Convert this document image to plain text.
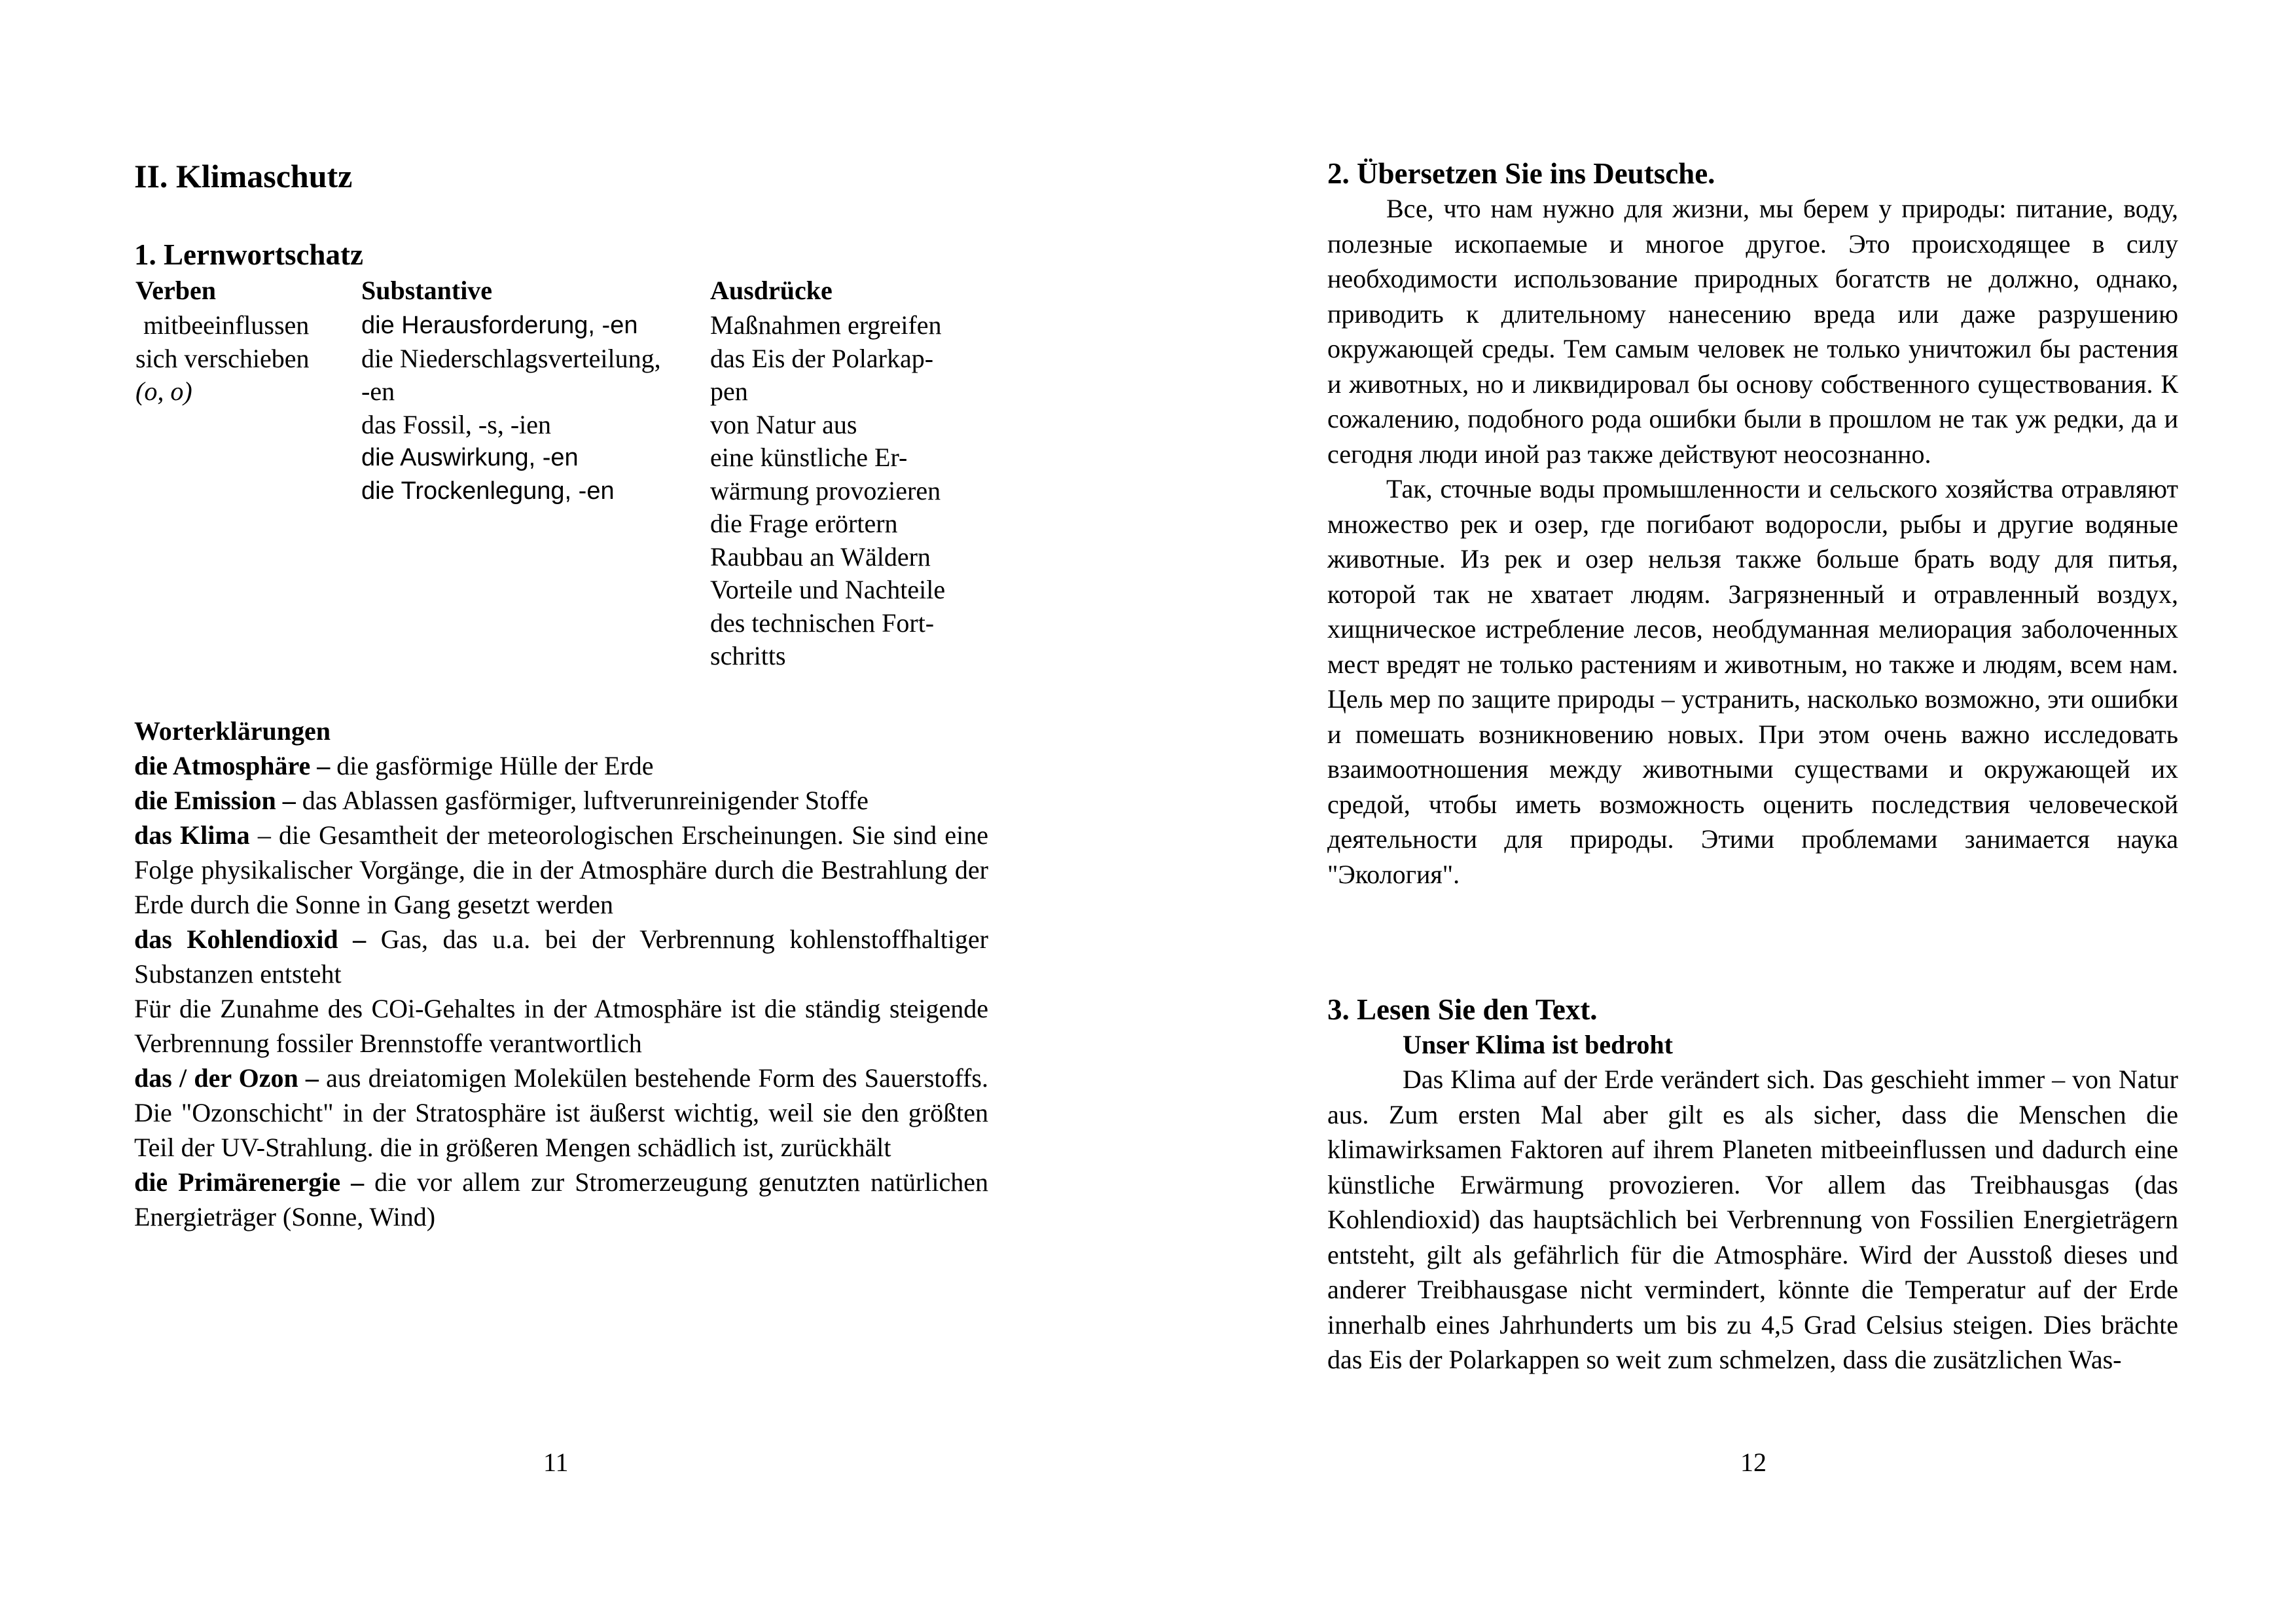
II. Klimaschutz
1. Lernwortschatz
Verben	Substantive	Ausdrücke
mitbeeinflussen
sich verschieben
(o, o)
die Herausforderung, -en
die Niederschlagsverteilung,
-en
das Fossil, -s, -ien
die Auswirkung, -en
die Trockenlegung, -en
Maßnahmen ergreifen
das Eis der Polarkap-
pen
von Natur aus
eine künstliche Er-
wärmung provozieren
die Frage erörtern
Raubbau an Wäldern
Vorteile und Nachteile
des technischen Fort-
schritts

Worterklärungen

die Atmosphäre – die gasförmige Hülle der Erde

die Emission – das Ablassen gasförmiger, luftverunreinigender Stoffe

das Klima – die Gesamtheit der meteorologischen Erscheinungen. Sie sind eine Folge physikalischer Vorgänge, die in der Atmosphäre durch die Bestrahlung der Erde durch die Sonne in Gang gesetzt werden

das Kohlendioxid – Gas, das u.a. bei der Verbrennung kohlenstoffhaltiger Substanzen entsteht

Für die Zunahme des COi-Gehaltes in der Atmosphäre ist die ständig steigende Verbrennung fossiler Brennstoffe verantwortlich

das / der Ozon – aus dreiatomigen Molekülen bestehende Form des Sauerstoffs. Die "Ozonschicht" in der Stratosphäre ist äußerst wichtig, weil sie den größten Teil der UV-Strahlung. die in größeren Mengen schädlich ist, zurückhält

die Primärenergie – die vor allem zur Stromerzeugung genutzten natürlichen Energieträger (Sonne, Wind)

11
2. Übersetzen Sie ins Deutsche.

Все, что нам нужно для жизни, мы берем у природы: питание, воду, полезные ископаемые и многое другое. Это происходящее в силу необходимости использование природных богатств не должно, однако, приводить к длительному нанесению вреда или даже разрушению окружающей среды. Тем самым человек не только уничтожил бы растения и животных, но и ликвидировал бы основу собственного существования. К сожалению, подобного рода ошибки были в прошлом не так уж редки, да и сегодня люди иной раз также действуют неосознанно.

Так, сточные воды промышленности и сельского хозяйства отравляют множество рек и озер, где погибают водоросли, рыбы и другие водяные животные. Из рек и озер нельзя также больше брать воду для питья, которой так не хватает людям. Загрязненный и отравленный воздух, хищническое истребление лесов, необдуманная мелиорация заболоченных мест вредят не только растениям и животным, но также и людям, всем нам. Цель мер по защите природы – устранить, насколько возможно, эти ошибки и помешать возникновению новых. При этом очень важно исследовать взаимоотношения между животными существами и окружающей их средой, чтобы иметь возможность оценить последствия человеческой деятельности для природы. Этими проблемами занимается наука "Экология".

3. Lesen Sie den Text.

Unser Klima ist bedroht

Das Klima auf der Erde verändert sich. Das geschieht immer – von Natur aus. Zum ersten Mal aber gilt es als sicher, dass die Menschen die klimawirksamen Faktoren auf ihrem Planeten mitbeeinflussen und dadurch eine künstliche Erwärmung provozieren. Vor allem das Treibhausgas (das Kohlendioxid) das hauptsächlich bei Verbrennung von Fossilien Energieträgern entsteht, gilt als gefährlich für die Atmosphäre. Wird der Ausstoß dieses und anderer Treibhausgase nicht vermindert, könnte die Temperatur auf der Erde innerhalb eines Jahrhunderts um bis zu 4,5 Grad Celsius steigen. Dies brächte das Eis der Polarkappen so weit zum schmelzen, dass die zusätzlichen Was-

12
